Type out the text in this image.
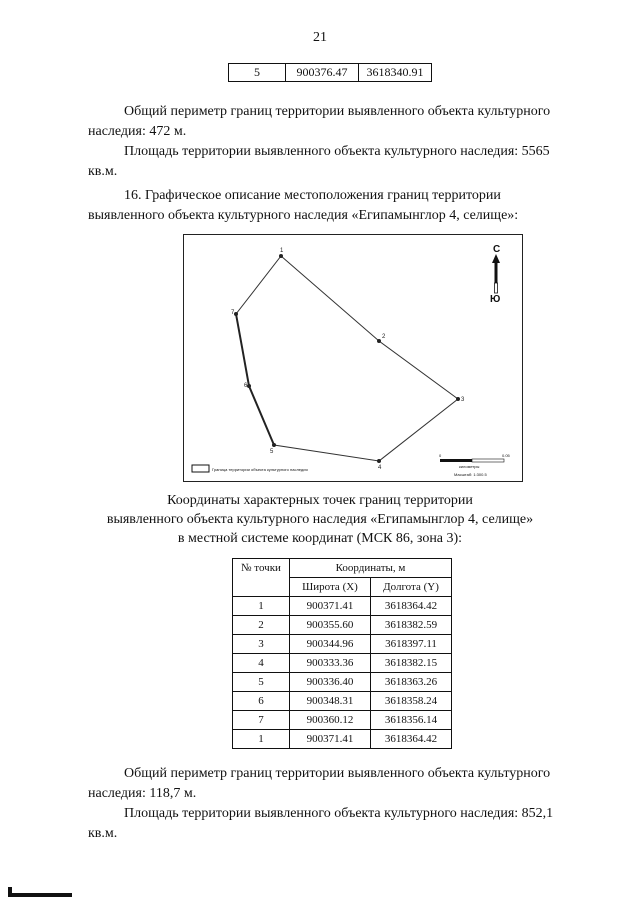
21
5	900376.47	3618340.91

Общий периметр границ территории выявленного объекта культурного наследия: 472 м.

Площадь территории выявленного объекта культурного наследия: 5565 кв.м.

16. Графическое описание местоположения границ территории выявленного объекта культурного наследия «Египамынглор 4, селище»:

1
2
3
4
5
6
7
С
Ю
Граница территории объекта культурного наследия
0	0.05
километры
Масштаб: 1:300.5
Координаты характерных точек границ территории
выявленного объекта культурного наследия «Египамынглор 4, селище»
в местной системе координат (МСК 86, зона 3):
№ точки	Координаты, м	
	Широта (X)	Долгота (Y)
1	900371.41	3618364.42
2	900355.60	3618382.59
3	900344.96	3618397.11
4	900333.36	3618382.15
5	900336.40	3618363.26
6	900348.31	3618358.24
7	900360.12	3618356.14
1	900371.41	3618364.42

Общий периметр границ территории выявленного объекта культурного наследия: 118,7 м.

Площадь территории выявленного объекта культурного наследия: 852,1 кв.м.
